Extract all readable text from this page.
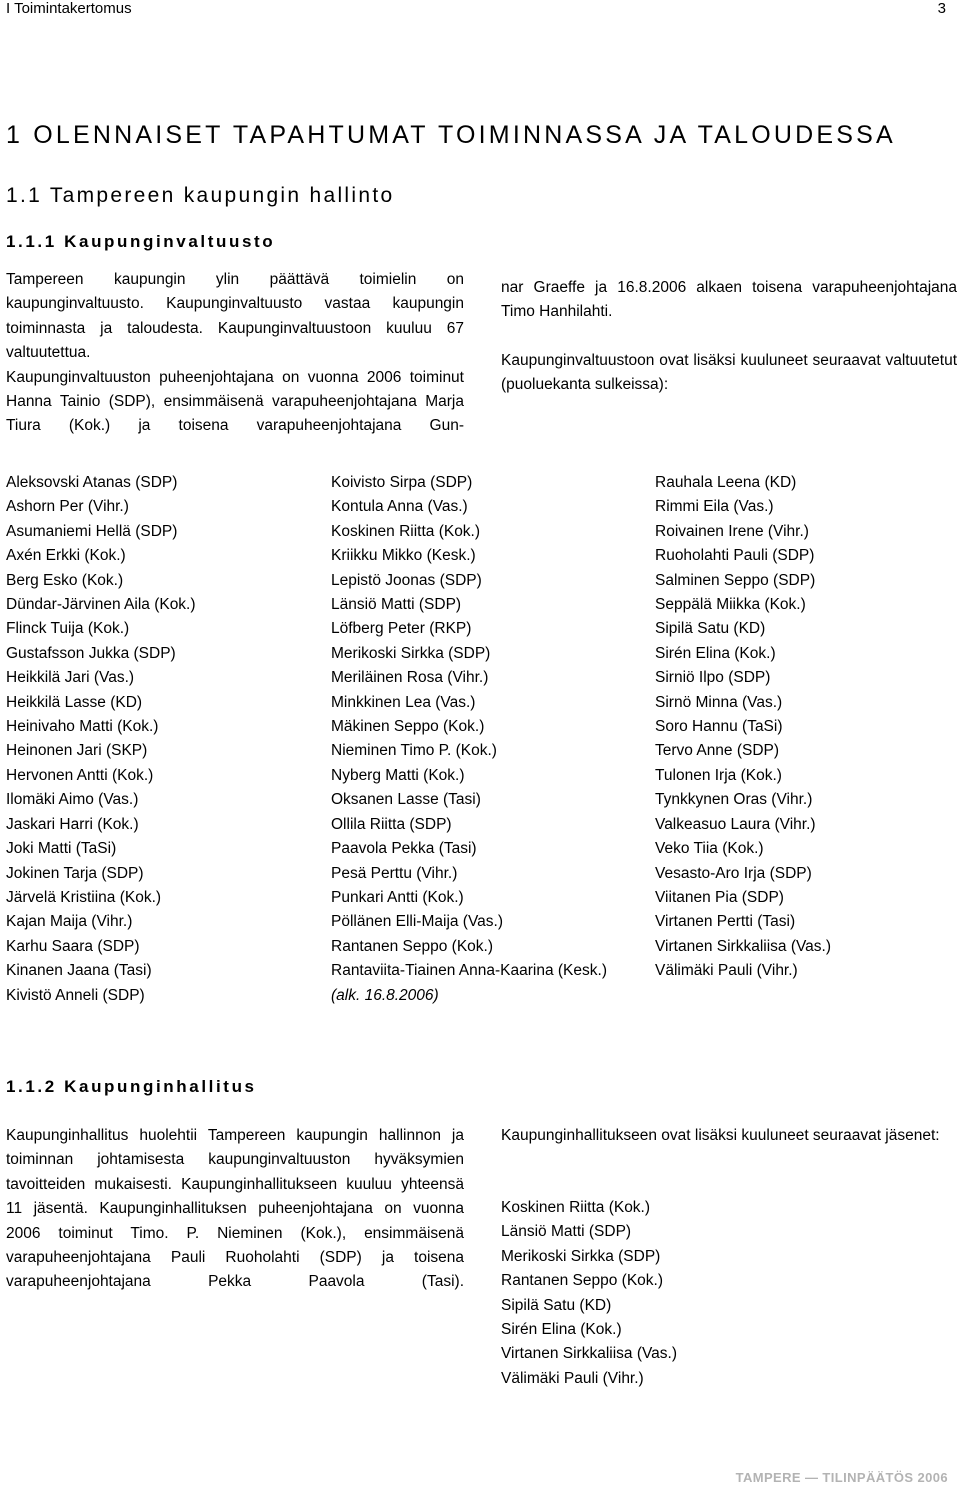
I Toimintakertomus	3
1 OLENNAISET TAPAHTUMAT TOIMINNASSA JA TALOUDESSA
1.1 Tampereen kaupungin hallinto
1.1.1 Kaupunginvaltuusto

Tampereen kaupungin ylin päättävä toimielin on kaupunginvaltuusto. Kaupunginvaltuusto vastaa kaupungin toiminnasta ja taloudesta. Kaupunginvaltuustoon kuuluu 67 valtuutettua.

Kaupunginvaltuuston puheenjohtajana on vuonna 2006 toiminut Hanna Tainio (SDP), ensimmäisenä varapuheenjohtajana Marja Tiura (Kok.) ja toisena varapuheenjohtajana Gun-

nar Graeffe ja 16.8.2006 alkaen toisena varapuheenjohtajana Timo Hanhilahti.

Kaupunginvaltuustoon ovat lisäksi kuuluneet seuraavat valtuutetut (puoluekanta sulkeissa):

Aleksovski Atanas (SDP)
Ashorn Per (Vihr.)
Asumaniemi Hellä (SDP)
Axén Erkki (Kok.)
Berg Esko (Kok.)
Dündar-Järvinen Aila (Kok.)
Flinck Tuija (Kok.)
Gustafsson Jukka (SDP)
Heikkilä Jari (Vas.)
Heikkilä Lasse (KD)
Heinivaho Matti (Kok.)
Heinonen Jari (SKP)
Hervonen Antti (Kok.)
Ilomäki Aimo (Vas.)
Jaskari Harri (Kok.)
Joki Matti (TaSi)
Jokinen Tarja (SDP)
Järvelä Kristiina (Kok.)
Kajan Maija (Vihr.)
Karhu Saara (SDP)
Kinanen Jaana (Tasi)
Kivistö Anneli (SDP)
Koivisto Sirpa (SDP)
Kontula Anna (Vas.)
Koskinen Riitta (Kok.)
Kriikku Mikko (Kesk.)
Lepistö Joonas (SDP)
Länsiö Matti (SDP)
Löfberg Peter (RKP)
Merikoski Sirkka (SDP)
Meriläinen Rosa (Vihr.)
Minkkinen Lea (Vas.)
Mäkinen Seppo (Kok.)
Nieminen Timo P. (Kok.)
Nyberg Matti (Kok.)
Oksanen Lasse (Tasi)
Ollila Riitta (SDP)
Paavola Pekka (Tasi)
Pesä Perttu (Vihr.)
Punkari Antti (Kok.)
Pöllänen Elli-Maija (Vas.)
Rantanen Seppo (Kok.)
Rantaviita-Tiainen Anna-Kaarina (Kesk.)
(alk. 16.8.2006)
Rauhala Leena (KD)
Rimmi Eila (Vas.)
Roivainen Irene (Vihr.)
Ruoholahti Pauli (SDP)
Salminen Seppo (SDP)
Seppälä Miikka (Kok.)
Sipilä Satu (KD)
Sirén Elina (Kok.)
Sirniö Ilpo (SDP)
Sirnö Minna (Vas.)
Soro Hannu (TaSi)
Tervo Anne (SDP)
Tulonen Irja (Kok.)
Tynkkynen Oras (Vihr.)
Valkeasuo Laura (Vihr.)
Veko Tiia (Kok.)
Vesasto-Aro Irja (SDP)
Viitanen Pia (SDP)
Virtanen Pertti (Tasi)
Virtanen Sirkkaliisa (Vas.)
Välimäki Pauli (Vihr.)
1.1.2 Kaupunginhallitus

Kaupunginhallitus huolehtii Tampereen kaupungin hallinnon ja toiminnan johtamisesta kaupunginvaltuuston hyväksymien tavoitteiden mukaisesti. Kaupunginhallitukseen kuuluu yhteensä 11 jäsentä. Kaupunginhallituksen puheenjohtajana on vuonna 2006 toiminut Timo. P. Nieminen (Kok.), ensimmäisenä varapuheenjohtajana Pauli Ruoholahti (SDP) ja toisena varapuheenjohtajana Pekka Paavola (Tasi).

Kaupunginhallitukseen ovat lisäksi kuuluneet seuraavat jäsenet:

Koskinen Riitta (Kok.)
Länsiö Matti (SDP)
Merikoski Sirkka (SDP)
Rantanen Seppo (Kok.)
Sipilä Satu (KD)
Sirén Elina (Kok.)
Virtanen Sirkkaliisa (Vas.)
Välimäki Pauli (Vihr.)
TAMPERE — TILINPÄÄTÖS 2006
